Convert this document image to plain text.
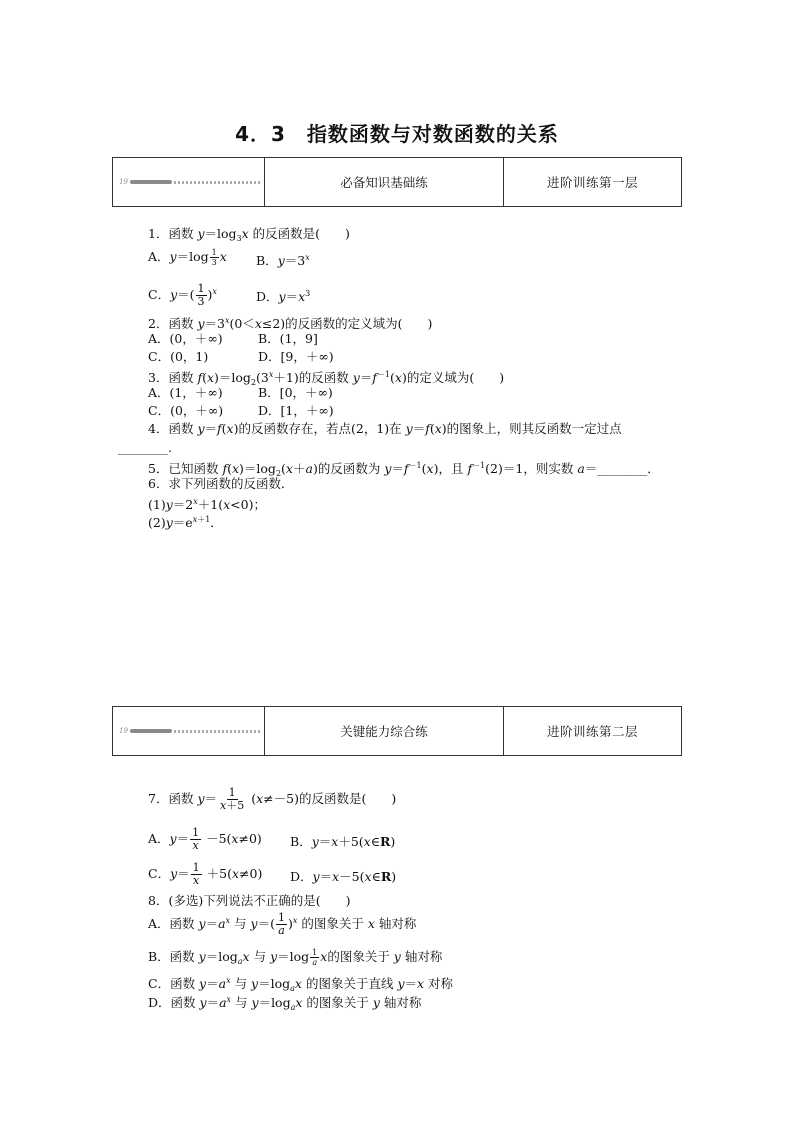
4．3　指数函数与对数函数的关系
19	必备知识基础练	进阶训练第一层
1．函数 $y=\log_3x$ 的反函数是(　　)
A．$y=\log \frac{1}{3}$ x B．$y=3^x$
C．$y=( \frac{1}{3} )^x$	D．$y=x^3$
2．函数 $y=3^x(0<x\le 2)$的反函数的定义域为(　　)
A．(0，＋∞)	B．(1，9]
C．(0，1)	D．[9，＋∞)
3．函数 $f(x)=\log_2(3^x+1)$的反函数 $y=f^{-1}(x)$的定义域为(　　)
A．(1，＋∞)	B．[0，＋∞)
C．(0，＋∞)	D．[1，＋∞)
4．函数 y＝f(x)的反函数存在，若点(2，1)在 y＝f(x)的图象上，则其反函数一定过点
________.
5．已知函数 $f(x)=\log_2(x+a)$的反函数为 $y=f^{-1}(x)$，且 $f^{-1}(2)=1$，则实数 a＝________．
6．求下列函数的反函数．
$(1)y=2^x+1(x<0)$；
$(2)y=e^{x+1}$．
19	关键能力综合练	进阶训练第二层
7．函数 $y= \frac{1}{x+5} (x\ne-5)$的反函数是(　　)
A．$y= \frac{1}{x} -5(x\ne 0)$ B．y＝x＋5(x∈R)
C．$y= \frac{1}{x} +5(x\ne 0)$ D．y＝x－5(x∈R)
8．(多选)下列说法不正确的是(　　)
A．函数 $y=a^x$ 与 $y=( \frac{1}{a} )^x$ 的图象关于 x 轴对称
B．函数 $y=\log_ax$ 与 $y=\log \frac{1}{a}$ x的图象关于 y 轴对称
C．函数 $y=a^x$ 与 $y=\log_ax$ 的图象关于直线 y＝x 对称
D．函数 $y=a^x$ 与 $y=\log_ax$ 的图象关于 y 轴对称
